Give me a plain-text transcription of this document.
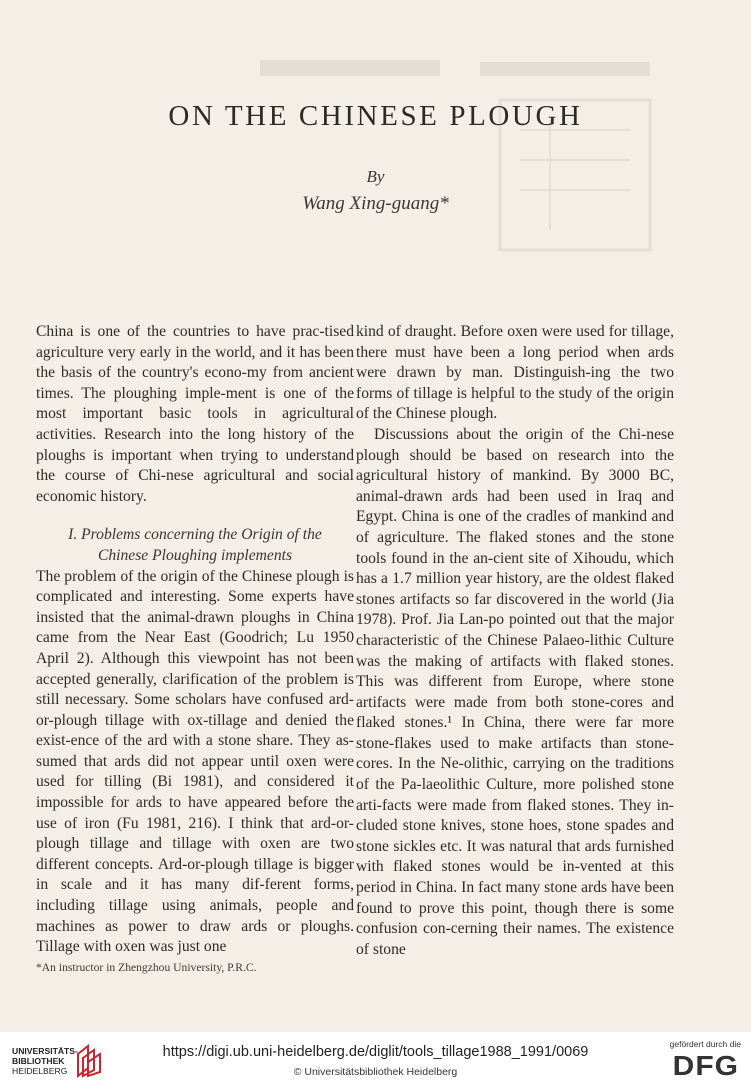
ON THE CHINESE PLOUGH
By
Wang Xing-guang*

China is one of the countries to have prac-tised agriculture very early in the world, and it has been the basis of the country's econo-my from ancient times. The ploughing imple-ment is one of the most important basic tools in agricultural activities. Research into the long history of the ploughs is important when trying to understand the course of Chi-nese agricultural and social economic history.

I. Problems concerning the Origin of the
Chinese Ploughing implements

The problem of the origin of the Chinese plough is complicated and interesting. Some experts have insisted that the animal-drawn ploughs in China came from the Near East (Goodrich; Lu 1950 April 2). Although this viewpoint has not been accepted generally, clarification of the problem is still necessary. Some scholars have confused ard-or-plough tillage with ox-tillage and denied the exist-ence of the ard with a stone share. They as-sumed that ards did not appear until oxen were used for tilling (Bi 1981), and considered it impossible for ards to have appeared before the use of iron (Fu 1981, 216). I think that ard-or-plough tillage and tillage with oxen are two different concepts. Ard-or-plough tillage is bigger in scale and it has many dif-ferent forms, including tillage using animals, people and machines as power to draw ards or ploughs. Tillage with oxen was just one

*An instructor in Zhengzhou University, P.R.C.

kind of draught. Before oxen were used for tillage, there must have been a long period when ards were drawn by man. Distinguish-ing the two forms of tillage is helpful to the study of the origin of the Chinese plough.

Discussions about the origin of the Chi-nese plough should be based on research into the agricultural history of mankind. By 3000 BC, animal-drawn ards had been used in Iraq and Egypt. China is one of the cradles of mankind and of agriculture. The flaked stones and the stone tools found in the an-cient site of Xihoudu, which has a 1.7 million year history, are the oldest flaked stones artifacts so far discovered in the world (Jia 1978). Prof. Jia Lan-po pointed out that the major characteristic of the Chinese Palaeo-lithic Culture was the making of artifacts with flaked stones. This was different from Europe, where stone artifacts were made from both stone-cores and flaked stones.¹ In China, there were far more stone-flakes used to make artifacts than stone-cores. In the Ne-olithic, carrying on the traditions of the Pa-laeolithic Culture, more polished stone arti-facts were made from flaked stones. They in-cluded stone knives, stone hoes, stone spades and stone sickles etc. It was natural that ards furnished with flaked stones would be in-vented at this period in China. In fact many stone ards have been found to prove this point, though there is some confusion con-cerning their names. The existence of stone

UNIVERSITÄTS-
BIBLIOTHEK
HEIDELBERG
https://digi.ub.uni-heidelberg.de/diglit/tools_tillage1988_1991/0069
© Universitätsbibliothek Heidelberg
gefördert durch die
DFG
